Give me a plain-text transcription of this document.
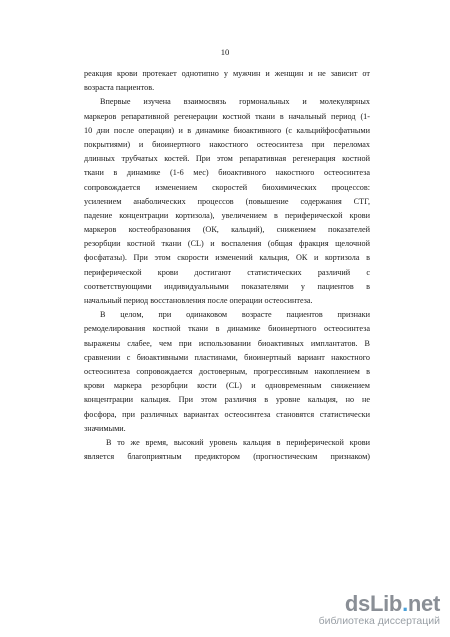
10
реакция крови протекает однотипно у мужчин и женщин и не зависит от
возраста пациентов.
Впервые изучена взаимосвязь гормональных и молекулярных
маркеров репаративной регенерации костной ткани в начальный период (1-
10 дни после операции) и в динамике биоактивного (с кальцийфосфатными
покрытиями) и биоинертного накостного остеосинтеза при переломах
длинных трубчатых костей. При этом репаративная регенерация костной
ткани в динамике (1-6 мес) биоактивного накостного остеосинтеза
сопровождается изменением скоростей биохимических процессов:
усилением анаболических процессов (повышение содержания СТГ,
падение концентрации кортизола), увеличением в периферической крови
маркеров костеобразования (ОК, кальций), снижением показателей
резорбции костной ткани (CL) и воспаления (общая фракция щелочной
фосфатазы). При этом скорости изменений кальция, ОК и кортизола в
периферической крови достигают статистических различий с
соответствующими индивидуальными показателями у пациентов в
начальный период восстановления после операции остеосинтеза.
В целом, при одинаковом возрасте пациентов признаки
ремоделирования костной ткани в динамике биоинертного остеосинтеза
выражены слабее, чем при использовании биоактивных имплантатов. В
сравнении с биоактивными пластинами, биоинертный вариант накостного
остеосинтеза сопровождается достоверным, прогрессивным накоплением в
крови маркера резорбции кости (CL) и одновременным снижением
концентрации кальция. При этом различия в уровне кальция, но не
фосфора, при различных вариантах остеосинтеза становятся статистически
значимыми.
В то же время, высокий уровень кальция в периферической крови
является благоприятным предиктором (прогностическим признаком)
dsLib.net
библиотека диссертаций
